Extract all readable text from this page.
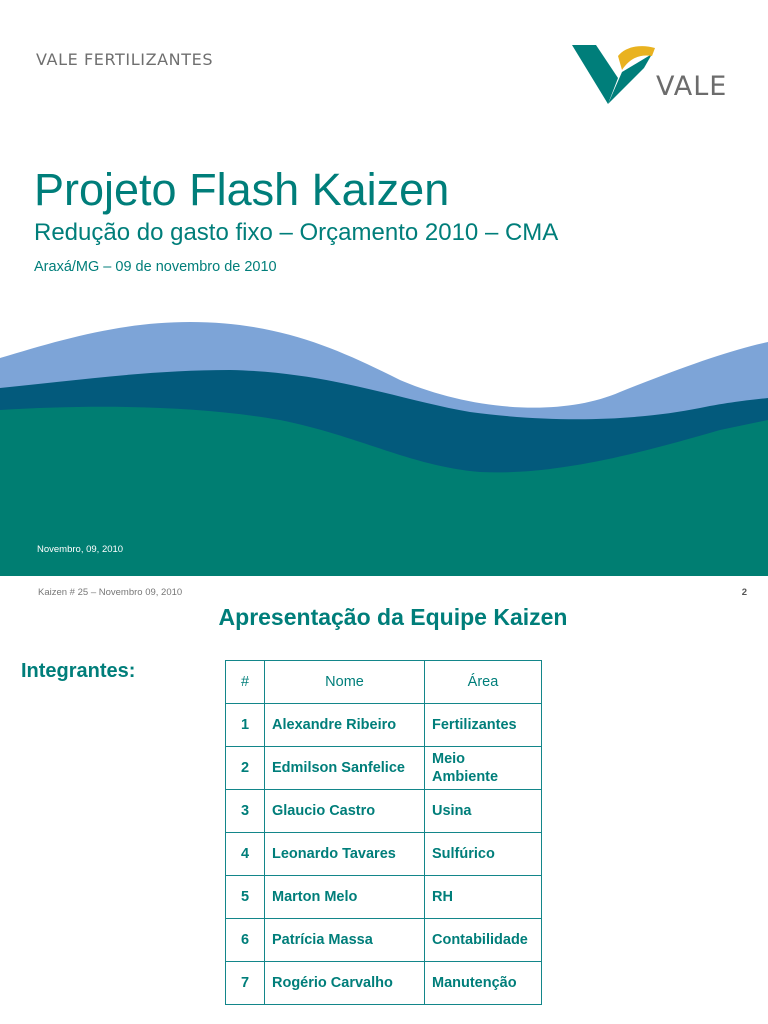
VALE FERTILIZANTES
VALE
Projeto Flash Kaizen
Redução do gasto fixo – Orçamento 2010 – CMA
Araxá/MG – 09 de novembro de 2010
Novembro, 09, 2010
Kaizen # 25 – Novembro 09, 2010	2
Apresentação da Equipe Kaizen
Integrantes:	#	Nome	Área
1	Alexandre Ribeiro	Fertilizantes
2	Edmilson Sanfelice	Meio Ambiente
3	Glaucio Castro	Usina
4	Leonardo Tavares	Sulfúrico
5	Marton Melo	RH
6	Patrícia Massa	Contabilidade
7	Rogério Carvalho	Manutenção
